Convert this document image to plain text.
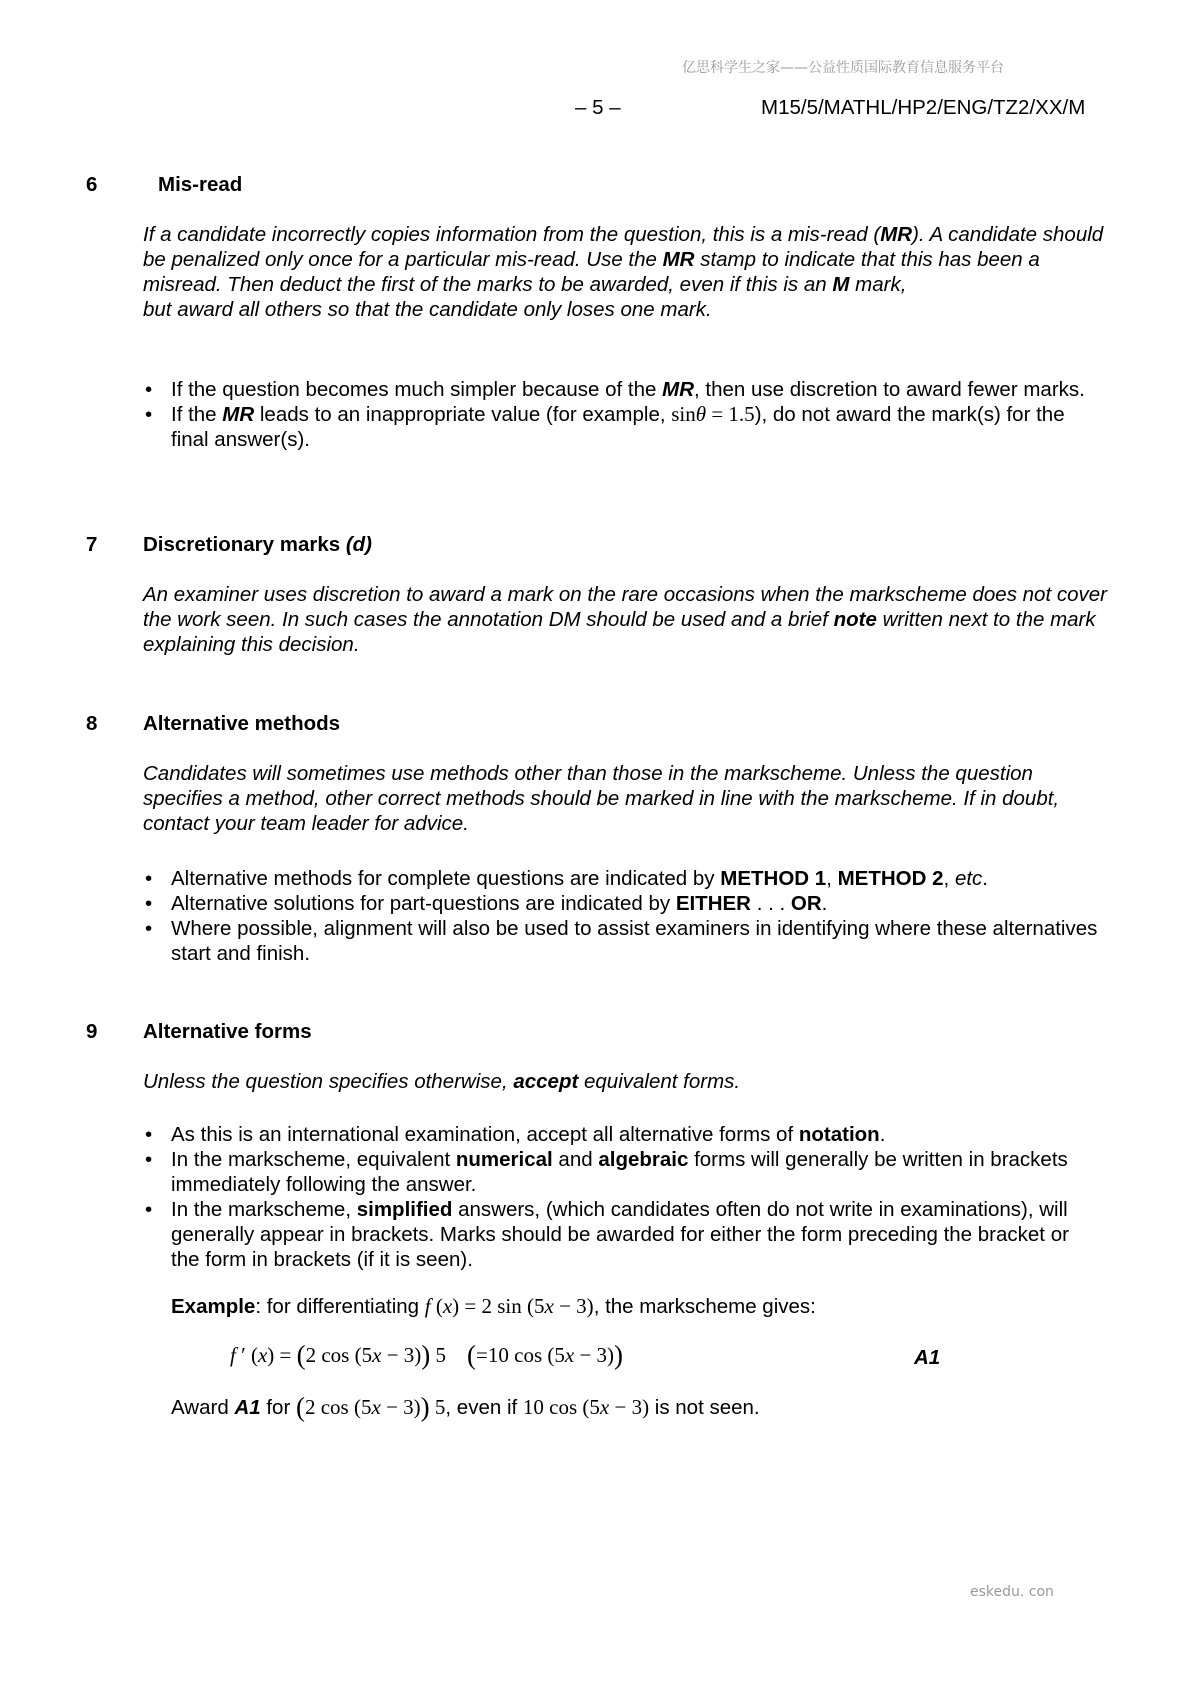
亿思科学生之家——公益性质国际教育信息服务平台
– 5 –	M15/5/MATHL/HP2/ENG/TZ2/XX/M
6	Mis-read
If a candidate incorrectly copies information from the question, this is a mis-read (MR). A candidate should be penalized only once for a particular mis-read. Use the MR stamp to indicate that this has been a misread. Then deduct the first of the marks to be awarded, even if this is an M mark,
but award all others so that the candidate only loses one mark.
• If the question becomes much simpler because of the MR, then use discretion to award fewer marks.
• If the MR leads to an inappropriate value (for example, sinθ = 1.5), do not award the mark(s) for the final answer(s).
7 Discretionary marks (d)
An examiner uses discretion to award a mark on the rare occasions when the markscheme does not cover the work seen. In such cases the annotation DM should be used and a brief note written next to the mark explaining this decision.
8 Alternative methods
Candidates will sometimes use methods other than those in the markscheme. Unless the question specifies a method, other correct methods should be marked in line with the markscheme. If in doubt, contact your team leader for advice.
• Alternative methods for complete questions are indicated by METHOD 1, METHOD 2, etc.
• Alternative solutions for part-questions are indicated by EITHER . . . OR.
• Where possible, alignment will also be used to assist examiners in identifying where these alternatives start and finish.
9 Alternative forms
Unless the question specifies otherwise, accept equivalent forms.
• As this is an international examination, accept all alternative forms of notation.
• In the markscheme, equivalent numerical and algebraic forms will generally be written in brackets immediately following the answer.
• In the markscheme, simplified answers, (which candidates often do not write in examinations), will generally appear in brackets. Marks should be awarded for either the form preceding the bracket or the form in brackets (if it is seen).
Example: for differentiating f (x) = 2 sin (5x − 3), the markscheme gives:
f ′ (x) = (2 cos (5x − 3)) 5    (=10 cos (5x − 3))	A1
Award A1 for (2 cos (5x − 3)) 5, even if 10 cos (5x − 3) is not seen.
eskedu. con
